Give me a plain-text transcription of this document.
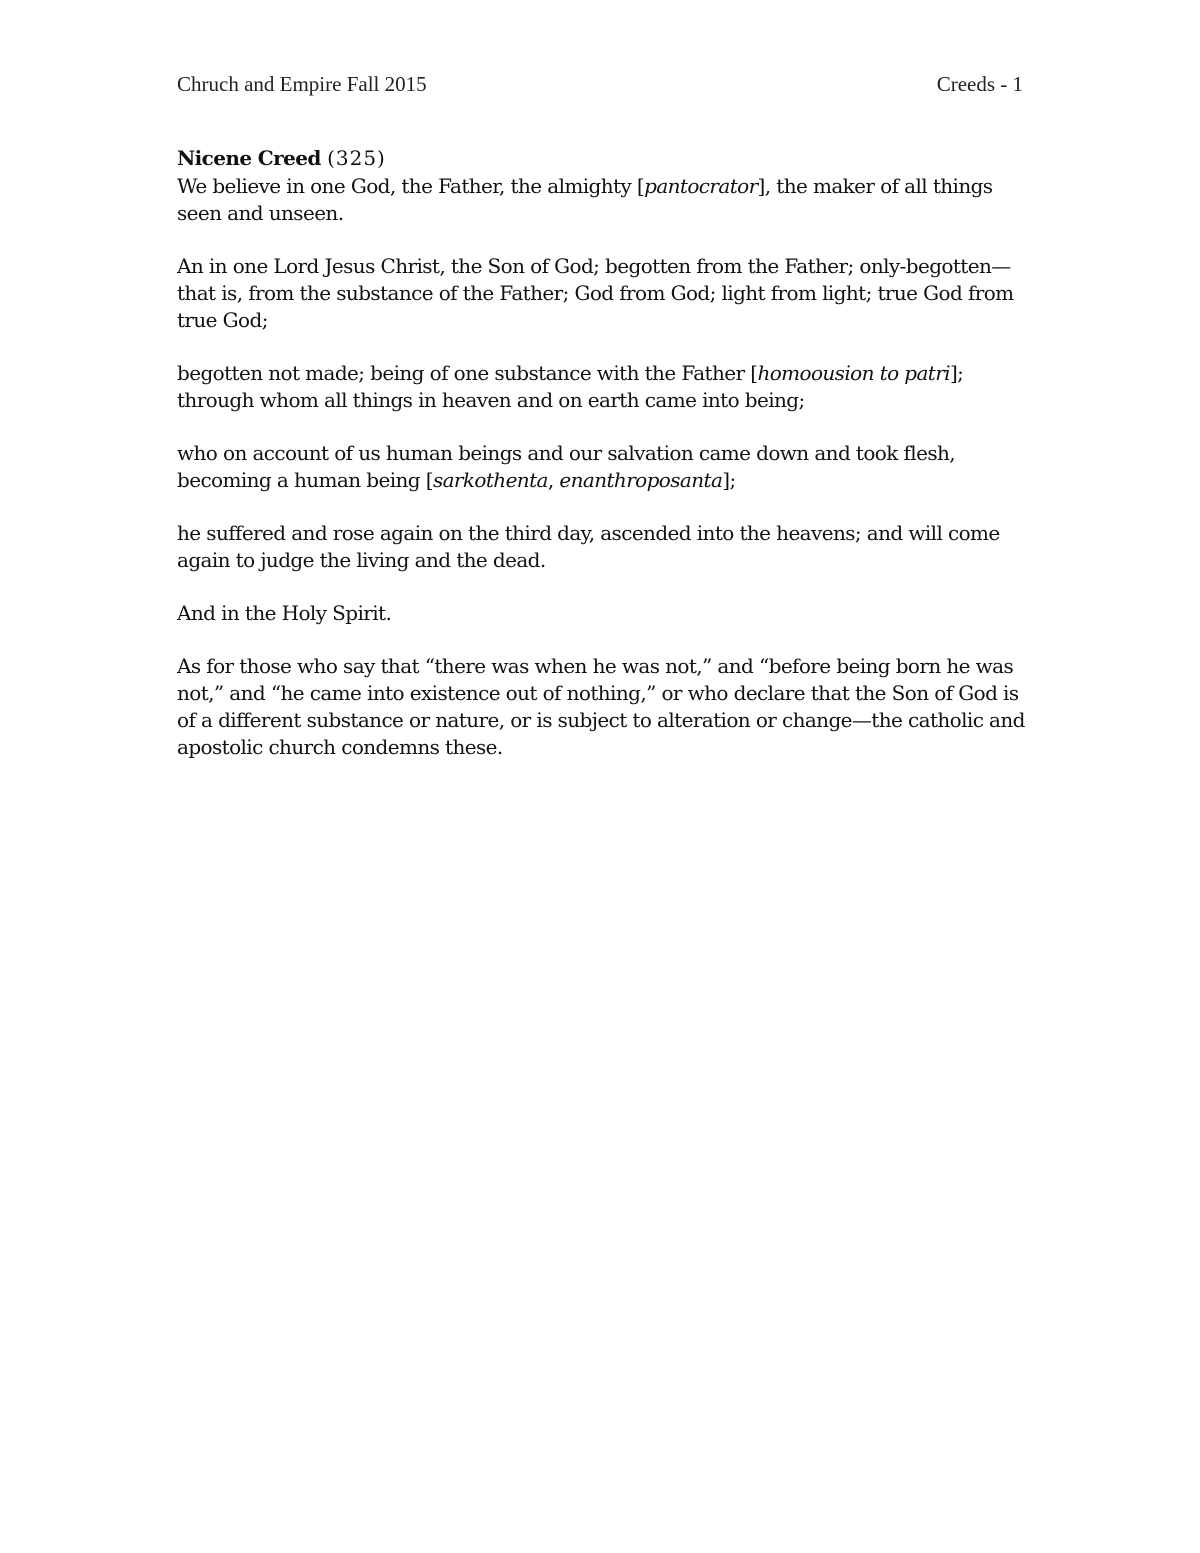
Chruch and Empire Fall 2015	Creeds - 1
Nicene Creed (325)

We believe in one God, the Father, the almighty [pantocrator], the maker of all things seen and unseen.

An in one Lord Jesus Christ, the Son of God; begotten from the Father; only-begotten—that is, from the substance of the Father; God from God; light from light; true God from true God;

begotten not made; being of one substance with the Father [homoousion to patri]; through whom all things in heaven and on earth came into being;

who on account of us human beings and our salvation came down and took flesh, becoming a human being [sarkothenta, enanthroposanta];

he suffered and rose again on the third day, ascended into the heavens; and will come again to judge the living and the dead.

And in the Holy Spirit.

As for those who say that “there was when he was not,” and “before being born he was not,” and “he came into existence out of nothing,” or who declare that the Son of God is of a different substance or nature, or is subject to alteration or change—the catholic and apostolic church condemns these.
